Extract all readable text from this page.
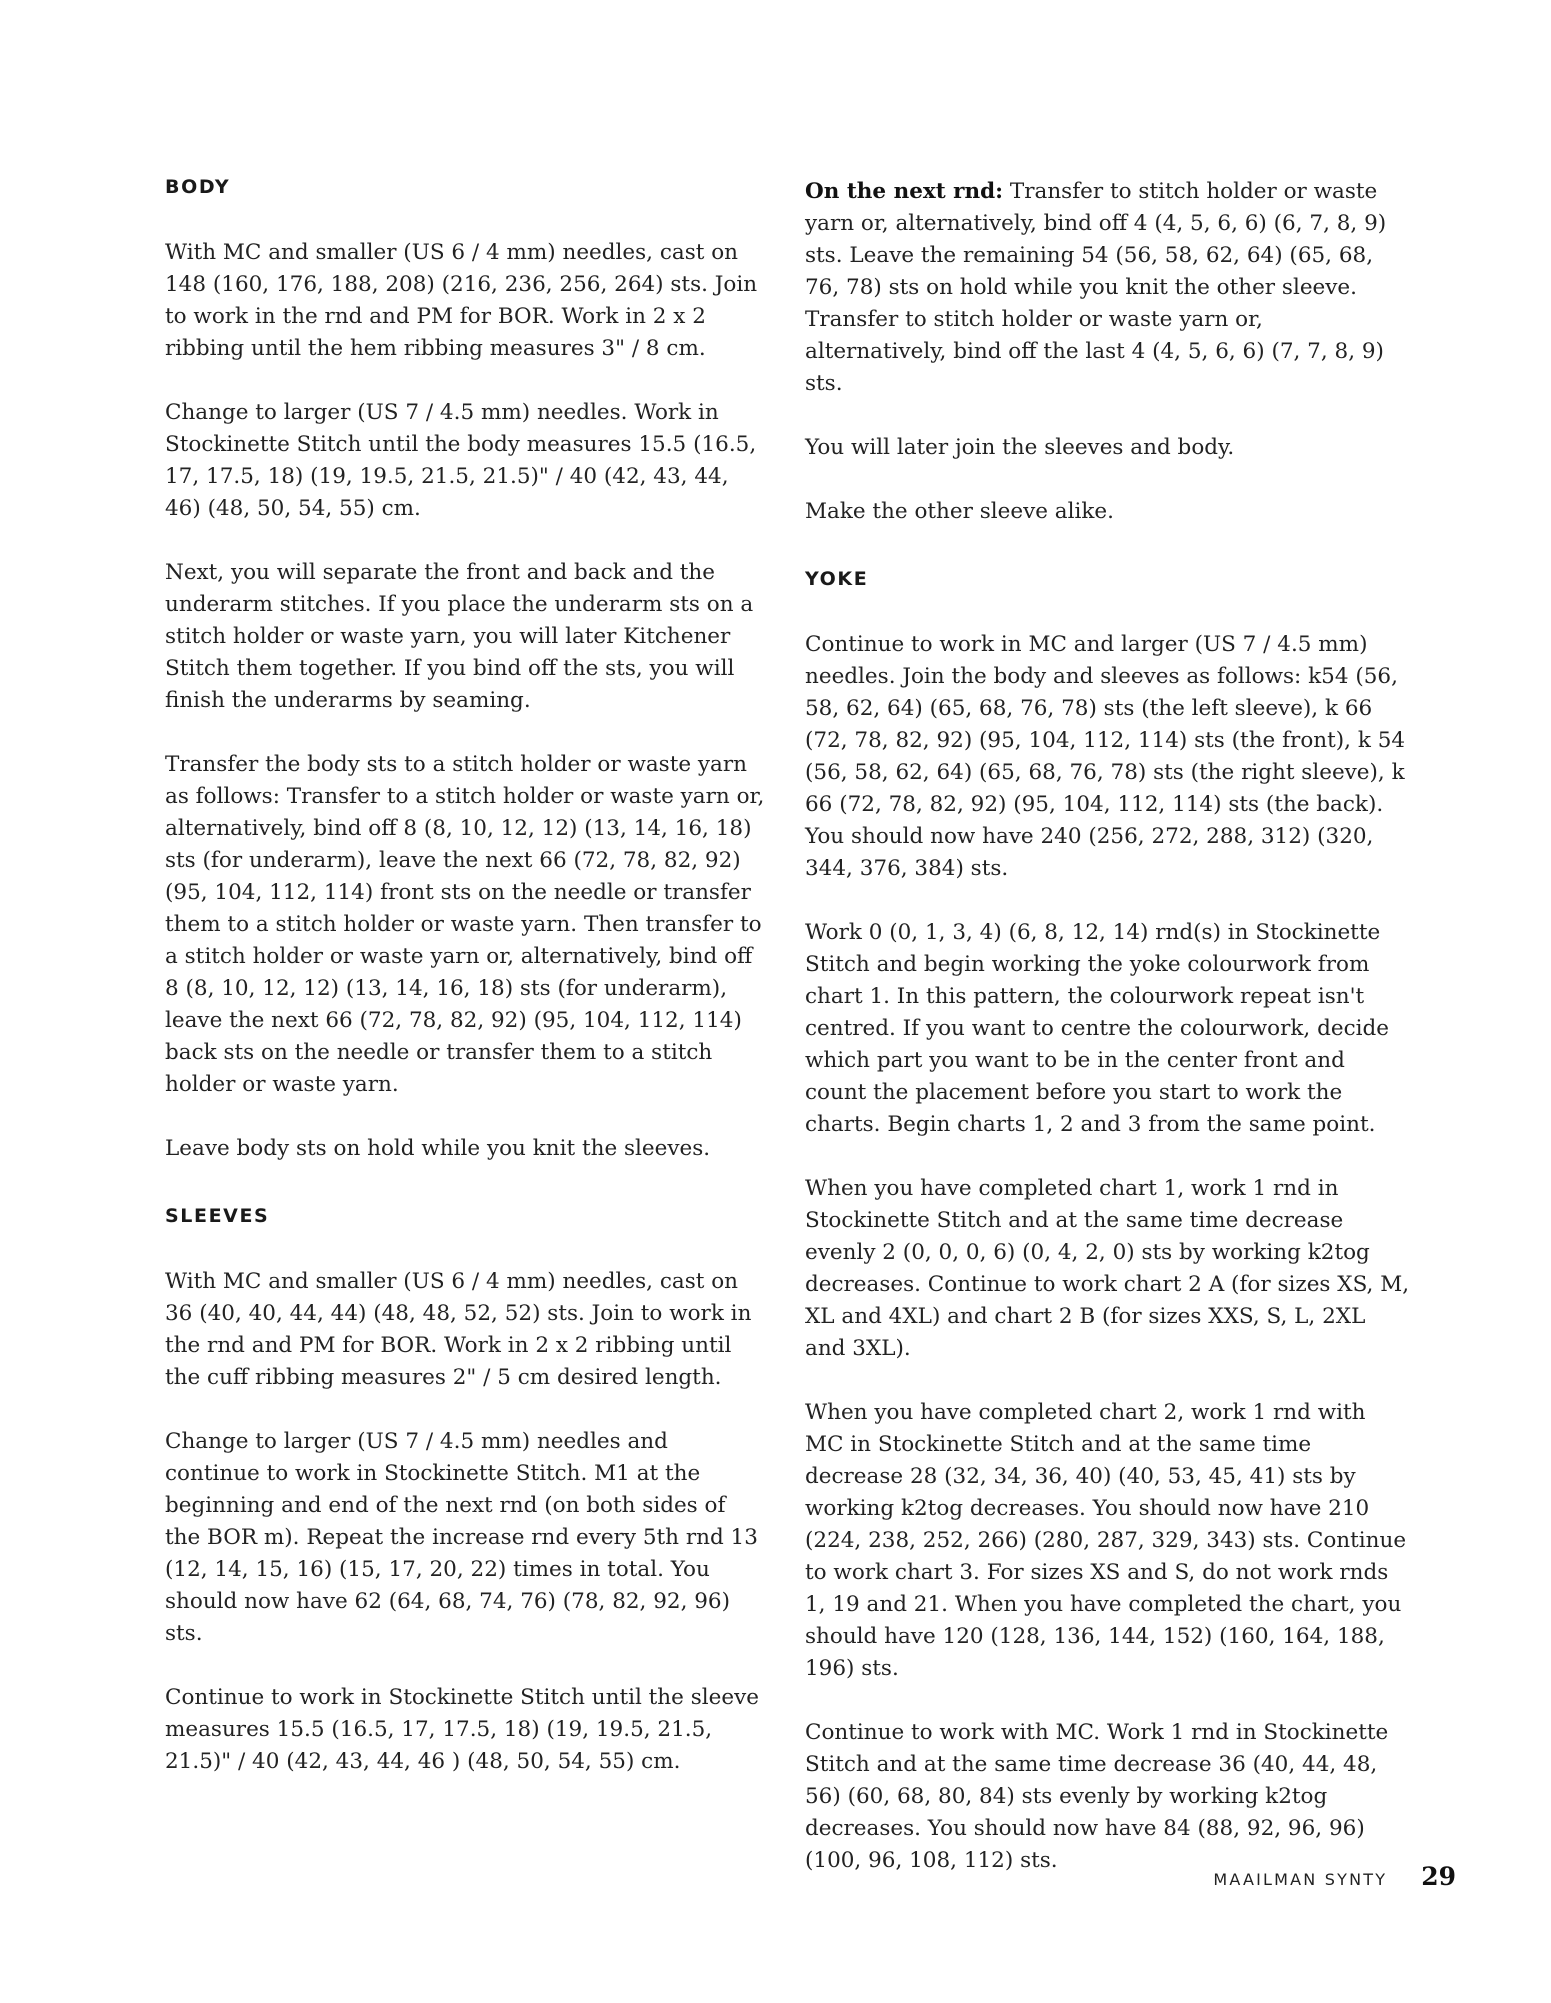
BODY

With MC and smaller (US 6 / 4 mm) needles, cast on 148 (160, 176, 188, 208) (216, 236, 256, 264) sts. Join to work in the rnd and PM for BOR. Work in 2 x 2 ribbing until the hem ribbing measures 3" / 8 cm.

Change to larger (US 7 / 4.5 mm) needles. Work in Stockinette Stitch until the body measures 15.5 (16.5, 17, 17.5, 18) (19, 19.5, 21.5, 21.5)" / 40 (42, 43, 44, 46) (48, 50, 54, 55) cm.

Next, you will separate the front and back and the underarm stitches. If you place the underarm sts on a stitch holder or waste yarn, you will later Kitchener Stitch them together. If you bind off the sts, you will finish the underarms by seaming.

Transfer the body sts to a stitch holder or waste yarn as follows: Transfer to a stitch holder or waste yarn or, alternatively, bind off 8 (8, 10, 12, 12) (13, 14, 16, 18) sts (for underarm), leave the next 66 (72, 78, 82, 92) (95, 104, 112, 114) front sts on the needle or transfer them to a stitch holder or waste yarn. Then transfer to a stitch holder or waste yarn or, alternatively, bind off 8 (8, 10, 12, 12) (13, 14, 16, 18) sts (for underarm), leave the next 66 (72, 78, 82, 92) (95, 104, 112, 114) back sts on the needle or transfer them to a stitch holder or waste yarn.

Leave body sts on hold while you knit the sleeves.

SLEEVES

With MC and smaller (US 6 / 4 mm) needles, cast on 36 (40, 40, 44, 44) (48, 48, 52, 52) sts. Join to work in the rnd and PM for BOR. Work in 2 x 2 ribbing until the cuff ribbing measures 2" / 5 cm desired length.

Change to larger (US 7 / 4.5 mm) needles and continue to work in Stockinette Stitch. M1 at the beginning and end of the next rnd (on both sides of the BOR m). Repeat the increase rnd every 5th rnd 13 (12, 14, 15, 16) (15, 17, 20, 22) times in total. You should now have 62 (64, 68, 74, 76) (78, 82, 92, 96) sts.

Continue to work in Stockinette Stitch until the sleeve measures 15.5 (16.5, 17, 17.5, 18) (19, 19.5, 21.5, 21.5)" / 40 (42, 43, 44, 46 ) (48, 50, 54, 55) cm.

On the next rnd: Transfer to stitch holder or waste yarn or, alternatively, bind off 4 (4, 5, 6, 6) (6, 7, 8, 9) sts. Leave the remaining 54 (56, 58, 62, 64) (65, 68, 76, 78) sts on hold while you knit the other sleeve. Transfer to stitch holder or waste yarn or, alternatively, bind off the last 4 (4, 5, 6, 6) (7, 7, 8, 9) sts.

You will later join the sleeves and body.

Make the other sleeve alike.

YOKE

Continue to work in MC and larger (US 7 / 4.5 mm) needles. Join the body and sleeves as follows: k54 (56, 58, 62, 64) (65, 68, 76, 78) sts (the left sleeve), k 66 (72, 78, 82, 92) (95, 104, 112, 114) sts (the front), k 54 (56, 58, 62, 64) (65, 68, 76, 78) sts (the right sleeve), k 66 (72, 78, 82, 92) (95, 104, 112, 114) sts (the back). You should now have 240 (256, 272, 288, 312) (320, 344, 376, 384) sts.

Work 0 (0, 1, 3, 4) (6, 8, 12, 14) rnd(s) in Stockinette Stitch and begin working the yoke colourwork from chart 1. In this pattern, the colourwork repeat isn't centred. If you want to centre the colourwork, decide which part you want to be in the center front and count the placement before you start to work the charts. Begin charts 1, 2 and 3 from the same point.

When you have completed chart 1, work 1 rnd in Stockinette Stitch and at the same time decrease evenly 2 (0, 0, 0, 6) (0, 4, 2, 0) sts by working k2tog decreases. Continue to work chart 2 A (for sizes XS, M, XL and 4XL) and chart 2 B (for sizes XXS, S, L, 2XL and 3XL).

When you have completed chart 2, work 1 rnd with MC in Stockinette Stitch and at the same time decrease 28 (32, 34, 36, 40) (40, 53, 45, 41) sts by working k2tog decreases. You should now have 210 (224, 238, 252, 266) (280, 287, 329, 343) sts. Continue to work chart 3. For sizes XS and S, do not work rnds 1, 19 and 21. When you have completed the chart, you should have 120 (128, 136, 144, 152) (160, 164, 188, 196) sts.

Continue to work with MC. Work 1 rnd in Stockinette Stitch and at the same time decrease 36 (40, 44, 48, 56) (60, 68, 80, 84) sts evenly by working k2tog decreases. You should now have 84 (88, 92, 96, 96) (100, 96, 108, 112) sts.

MAAILMAN SYNTY 29
